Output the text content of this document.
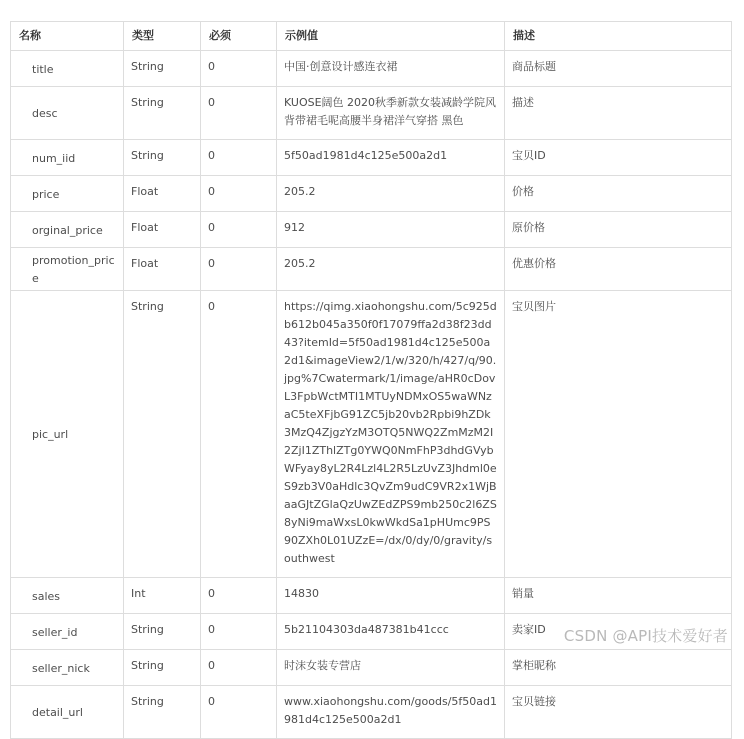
名称	类型	必须	示例值	描述
title	String	0	中国·创意设计感连衣裙	商品标题
desc	String	0	KUOSE阔色 2020秋季新款女装减龄学院风背带裙毛呢高腰半身裙洋气穿搭 黑色	描述
num_iid	String	0	5f50ad1981d4c125e500a2d1	宝贝ID
price	Float	0	205.2	价格
orginal_price	Float	0	912	原价格
promotion_price	Float	0	205.2	优惠价格
pic_url	String	0	https://qimg.xiaohongshu.com/5c925db612b045a350f0f17079ffa2d38f23dd43?itemId=5f50ad1981d4c125e500a2d1&imageView2/1/w/320/h/427/q/90.jpg%7Cwatermark/1/image/aHR0cDovL3FpbWctMTI1MTUyNDMxOS5waWNzaC5teXFjbG91ZC5jb20vb2Rpbi9hZDk3MzQ4ZjgzYzM3OTQ5NWQ2ZmMzM2I2ZjI1ZThlZTg0YWQ0NmFhP3dhdGVybWFyay8yL2R4Lzl4L2R5LzUvZ3Jhdml0eS9zb3V0aHdlc3QvZm9udC9VR2x1WjBaaGJtZGlaQzUwZEdZPS9mb250c2l6ZS8yNi9maWxsL0kwWkdSa1pHUmc9PS90ZXh0L01UZzE=/dx/0/dy/0/gravity/southwest	宝贝图片
sales	Int	0	14830	销量
seller_id	String	0	5b21104303da487381b41ccc	卖家ID
seller_nick	String	0	时沫女装专营店	掌柜昵称
detail_url	String	0	www.xiaohongshu.com/goods/5f50ad1981d4c125e500a2d1	宝贝链接
CSDN @API技术爱好者
